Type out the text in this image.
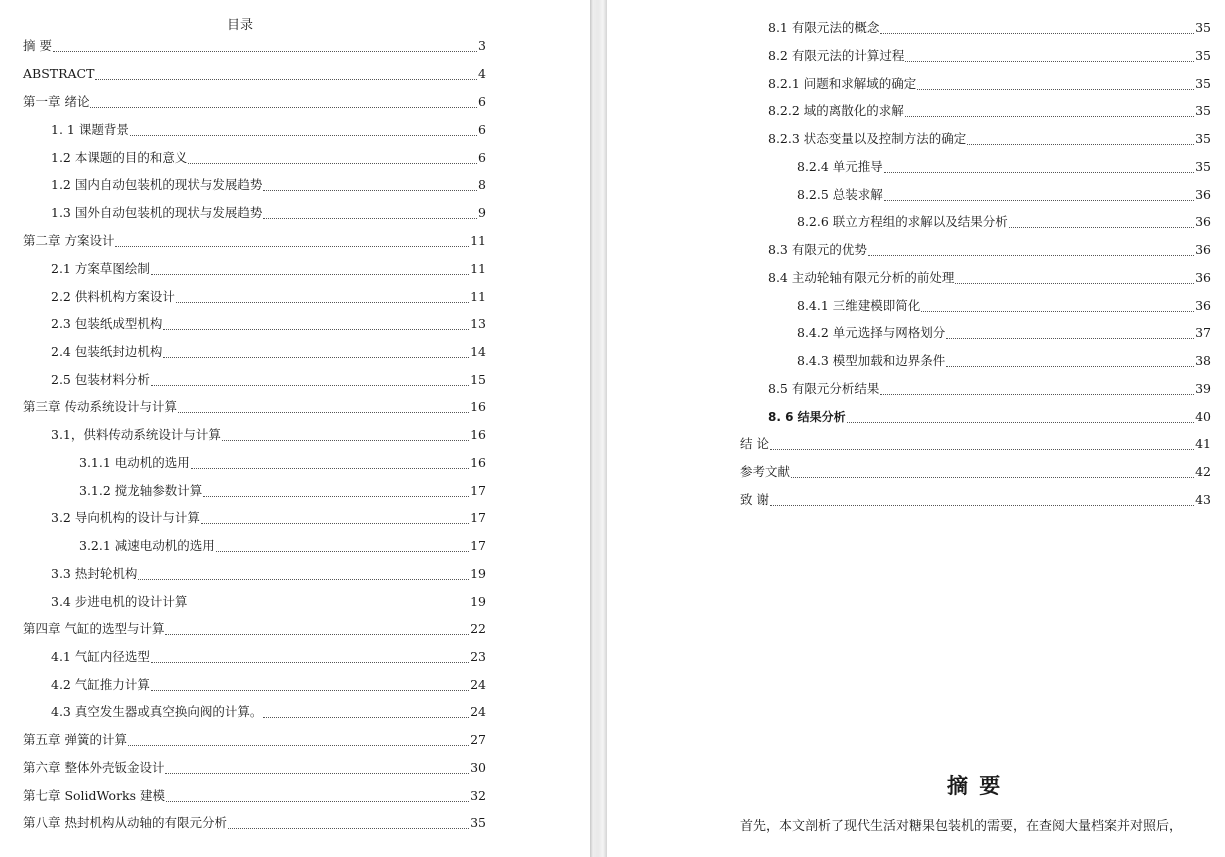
目录
摘 要	3
ABSTRACT	4
第一章 绪论	6
1. 1 课题背景	6
1.2 本课题的目的和意义	6
1.2 国内自动包装机的现状与发展趋势	8
1.3 国外自动包装机的现状与发展趋势	9
第二章 方案设计	11
2.1 方案草图绘制	11
2.2 供料机构方案设计	11
2.3 包装纸成型机构	13
2.4 包装纸封边机构	14
2.5 包装材料分析	15
第三章 传动系统设计与计算	16
3.1，供料传动系统设计与计算	16
3.1.1 电动机的选用	16
3.1.2 搅龙轴参数计算	17
3.2 导向机构的设计与计算	17
3.2.1 减速电动机的选用	17
3.3 热封轮机构	19
3.4 步进电机的设计计算	19
第四章 气缸的选型与计算	22
4.1 气缸内径选型	23
4.2 气缸推力计算	24
4.3 真空发生器或真空换向阀的计算。	24
第五章 弹簧的计算	27
第六章 整体外壳钣金设计	30
第七章 SolidWorks 建模	32
第八章 热封机构从动轴的有限元分析	35
8.1 有限元法的概念	35
8.2 有限元法的计算过程	35
8.2.1 问题和求解域的确定	35
8.2.2 域的离散化的求解	35
8.2.3 状态变量以及控制方法的确定	35
8.2.4 单元推导	35
8.2.5 总装求解	36
8.2.6 联立方程组的求解以及结果分析	36
8.3 有限元的优势	36
8.4 主动轮轴有限元分析的前处理	36
8.4.1 三维建模即简化	36
8.4.2 单元选择与网格划分	37
8.4.3 模型加载和边界条件	38
8.5 有限元分析结果	39
8. 6 结果分析	40
结 论	41
参考文献	42
致 谢	43
摘 要
首先，本文剖析了现代生活对糖果包装机的需要，在查阅大量档案并对照后，
